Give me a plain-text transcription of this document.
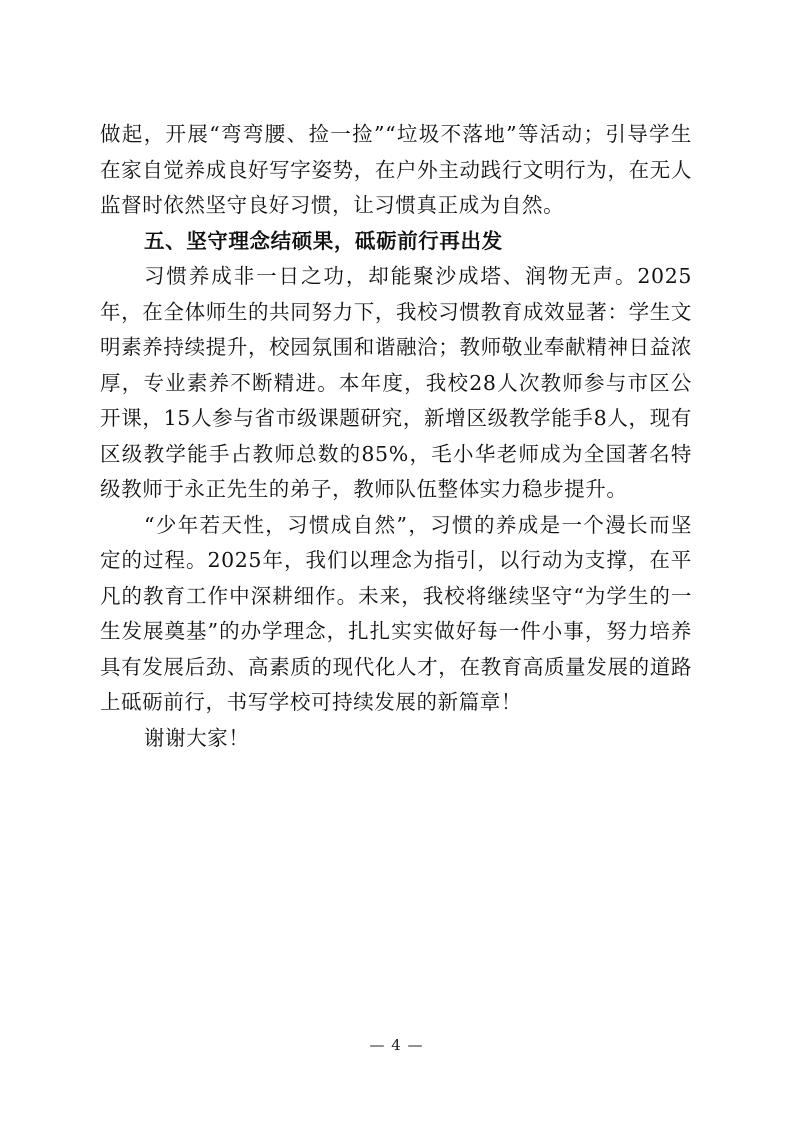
做起，开展“弯弯腰、捡一捡”“垃圾不落地”等活动；引导学生在家自觉养成良好写字姿势，在户外主动践行文明行为，在无人监督时依然坚守良好习惯，让习惯真正成为自然。

五、坚守理念结硕果，砥砺前行再出发

习惯养成非一日之功，却能聚沙成塔、润物无声。2025年，在全体师生的共同努力下，我校习惯教育成效显著：学生文明素养持续提升，校园氛围和谐融洽；教师敬业奉献精神日益浓厚，专业素养不断精进。本年度，我校28人次教师参与市区公开课，15人参与省市级课题研究，新增区级教学能手8人，现有区级教学能手占教师总数的85%，毛小华老师成为全国著名特级教师于永正先生的弟子，教师队伍整体实力稳步提升。

“少年若天性，习惯成自然”，习惯的养成是一个漫长而坚定的过程。2025年，我们以理念为指引，以行动为支撑，在平凡的教育工作中深耕细作。未来，我校将继续坚守“为学生的一生发展奠基”的办学理念，扎扎实实做好每一件小事，努力培养具有发展后劲、高素质的现代化人才，在教育高质量发展的道路上砥砺前行，书写学校可持续发展的新篇章！

谢谢大家！

— 4 —
